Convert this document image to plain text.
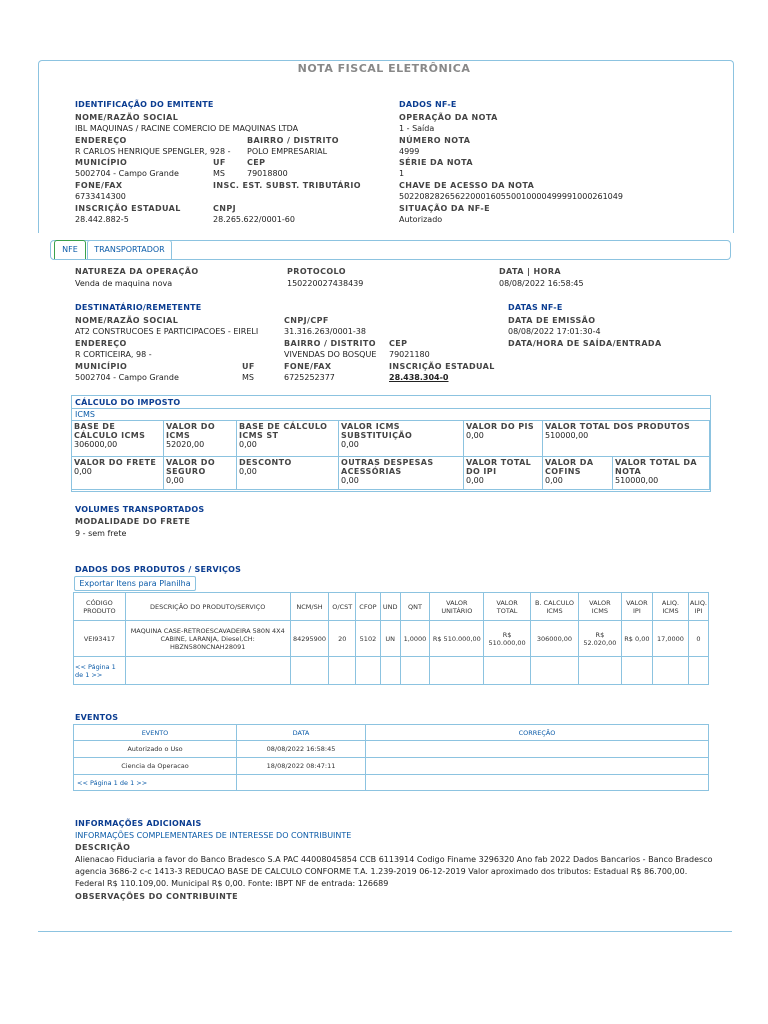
NOTA FISCAL ELETRÔNICA
IDENTIFICAÇÃO DO EMITENTE
NOME/RAZÃO SOCIAL
IBL MAQUINAS / RACINE COMERCIO DE MAQUINAS LTDA
ENDEREÇO
R CARLOS HENRIQUE SPENGLER, 928 -
BAIRRO / DISTRITO
POLO EMPRESARIAL
MUNICÍPIO
5002704 - Campo Grande
UF
MS
CEP
79018800
FONE/FAX
6733414300
INSC. EST. SUBST. TRIBUTÁRIO
INSCRIÇÃO ESTADUAL
28.442.882-5
CNPJ
28.265.622/0001-60
DADOS NF-E
OPERAÇÃO DA NOTA
1 - Saída
NÚMERO NOTA
4999
SÉRIE DA NOTA
1
CHAVE DE ACESSO DA NOTA
50220828265622000160550010000499991000261049
SITUAÇÃO DA NF-E
Autorizado
NFE	TRANSPORTADOR
NATUREZA DA OPERAÇÃO
Venda de maquina nova
PROTOCOLO
150220027438439
DATA | HORA
08/08/2022 16:58:45
DESTINATÁRIO/REMETENTE
NOME/RAZÃO SOCIAL
AT2 CONSTRUCOES E PARTICIPACOES - EIRELI
CNPJ/CPF
31.316.263/0001-38
ENDEREÇO
R CORTICEIRA, 98 -
BAIRRO / DISTRITO
VIVENDAS DO BOSQUE
CEP
79021180
MUNICÍPIO
5002704 - Campo Grande
UF
MS
FONE/FAX
6725252377
INSCRIÇÃO ESTADUAL
28.438.304-0
DATAS NF-E
DATA DE EMISSÃO
08/08/2022 17:01:30-4
DATA/HORA DE SAÍDA/ENTRADA
CÁLCULO DO IMPOSTO
ICMS
BASE DE CÁLCULO ICMS
306000,00

VALOR DO ICMS
52020,00

BASE DE CÁLCULO ICMS ST
0,00

VALOR ICMS SUBSTITUIÇÃO
0,00

VALOR DO PIS
0,00

VALOR TOTAL DOS PRODUTOS
510000,00
VALOR DO FRETE
0,00

VALOR DO SEGURO
0,00

DESCONTO
0,00

OUTRAS DESPESAS ACESSÓRIAS
0,00

VALOR TOTAL DO IPI
0,00

VALOR DA COFINS
0,00

VALOR TOTAL DA NOTA
510000,00
VOLUMES TRANSPORTADOS
MODALIDADE DO FRETE
9 - sem frete
DADOS DOS PRODUTOS / SERVIÇOS
Exportar Itens para Planilha
CÓDIGO PRODUTO	DESCRIÇÃO DO PRODUTO/SERVIÇO	NCM/SH	O/CST	CFOP	UND	QNT	VALOR UNITÁRIO	VALOR TOTAL	B. CALCULO ICMS	VALOR ICMS	VALOR IPI	ALIQ. ICMS	ALIQ. IPI
VEI93417	MAQUINA CASE-RETROESCAVADEIRA 580N 4X4 CABINE, LARANJA, Diesel,CH: HBZN580NCNAH28091	84295900	20	5102	UN	1,0000	R$ 510.000,00	R$ 510.000,00	306000,00	R$ 52.020,00	R$ 0,00	17,0000	0
<< Página 1 de 1 >>													
EVENTOS
EVENTO	DATA	CORREÇÃO
Autorizado o Uso	08/08/2022 16:58:45	
Ciencia da Operacao	18/08/2022 08:47:11	
<< Página 1 de 1 >>		
INFORMAÇÕES ADICIONAIS
INFORMAÇÕES COMPLEMENTARES DE INTERESSE DO CONTRIBUINTE
DESCRIÇÃO
Alienacao Fiduciaria a favor do Banco Bradesco S.A PAC 44008045854 CCB 6113914 Codigo Finame 3296320 Ano fab 2022 Dados Bancarios - Banco Bradesco agencia 3686-2 c-c 1413-3 REDUCAO BASE DE CALCULO CONFORME T.A. 1.239-2019 06-12-2019 Valor aproximado dos tributos: Estadual R$ 86.700,00. Federal R$ 110.109,00. Municipal R$ 0,00. Fonte: IBPT NF de entrada: 126689
OBSERVAÇÕES DO CONTRIBUINTE
